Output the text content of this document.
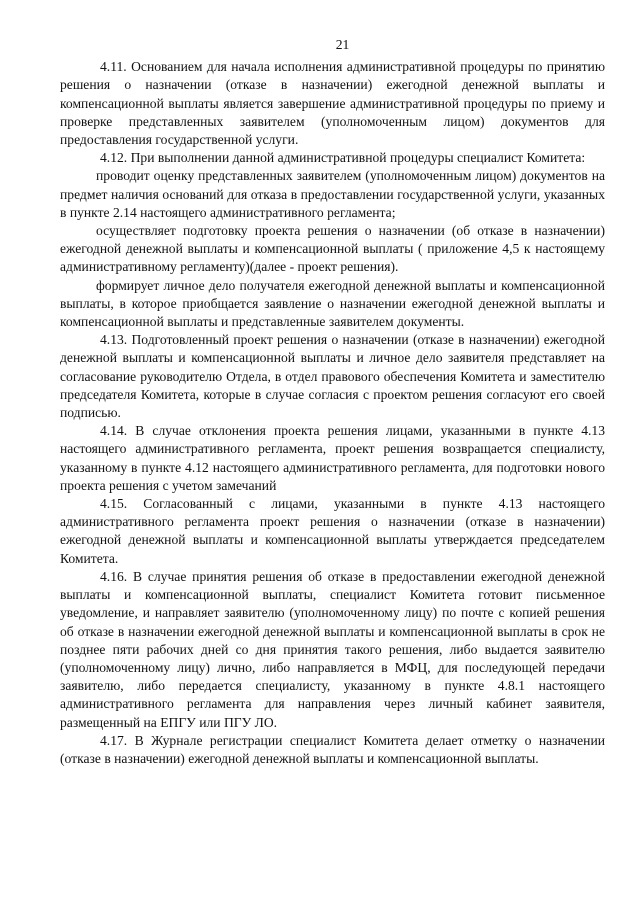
21

4.11. Основанием для начала исполнения административной процедуры по принятию решения о назначении (отказе в назначении) ежегодной денежной выплаты и компенсационной выплаты является завершение административной процедуры по приему и проверке представленных заявителем (уполномоченным лицом) документов для предоставления государственной услуги.

4.12. При выполнении данной административной процедуры специалист Комитета:

проводит оценку представленных заявителем (уполномоченным лицом) документов на предмет наличия оснований для отказа в предоставлении государственной услуги, указанных в пункте 2.14 настоящего административного регламента;

осуществляет подготовку проекта решения о назначении (об отказе в назначении) ежегодной денежной выплаты и компенсационной выплаты ( приложение 4,5 к настоящему административному регламенту)(далее - проект решения).

формирует личное дело получателя ежегодной денежной выплаты и компенсационной выплаты, в которое приобщается заявление о назначении ежегодной денежной выплаты и компенсационной выплаты и представленные заявителем документы.

4.13. Подготовленный проект решения о назначении (отказе в назначении) ежегодной денежной выплаты и компенсационной выплаты и личное дело заявителя представляет на согласование руководителю Отдела, в отдел правового обеспечения Комитета и заместителю председателя Комитета, которые в случае согласия с проектом решения согласуют его своей подписью.

4.14. В случае отклонения проекта решения лицами, указанными в пункте 4.13 настоящего административного регламента, проект решения возвращается специалисту, указанному в пункте 4.12 настоящего административного регламента, для подготовки нового проекта решения с учетом замечаний

4.15. Согласованный с лицами, указанными в пункте 4.13 настоящего административного регламента проект решения о назначении (отказе в назначении) ежегодной денежной выплаты и компенсационной выплаты утверждается председателем Комитета.

4.16. В случае принятия решения об отказе в предоставлении ежегодной денежной выплаты и компенсационной выплаты, специалист Комитета готовит письменное уведомление, и направляет заявителю (уполномоченному лицу) по почте с копией решения об отказе в назначении ежегодной денежной выплаты и компенсационной выплаты в срок не позднее пяти рабочих дней со дня принятия такого решения, либо выдается заявителю (уполномоченному лицу) лично, либо направляется в МФЦ, для последующей передачи заявителю, либо передается специалисту, указанному в пункте 4.8.1 настоящего административного регламента для направления через личный кабинет заявителя, размещенный на ЕПГУ или ПГУ ЛО.

4.17. В Журнале регистрации специалист Комитета делает отметку о назначении (отказе в назначении) ежегодной денежной выплаты и компенсационной выплаты.
